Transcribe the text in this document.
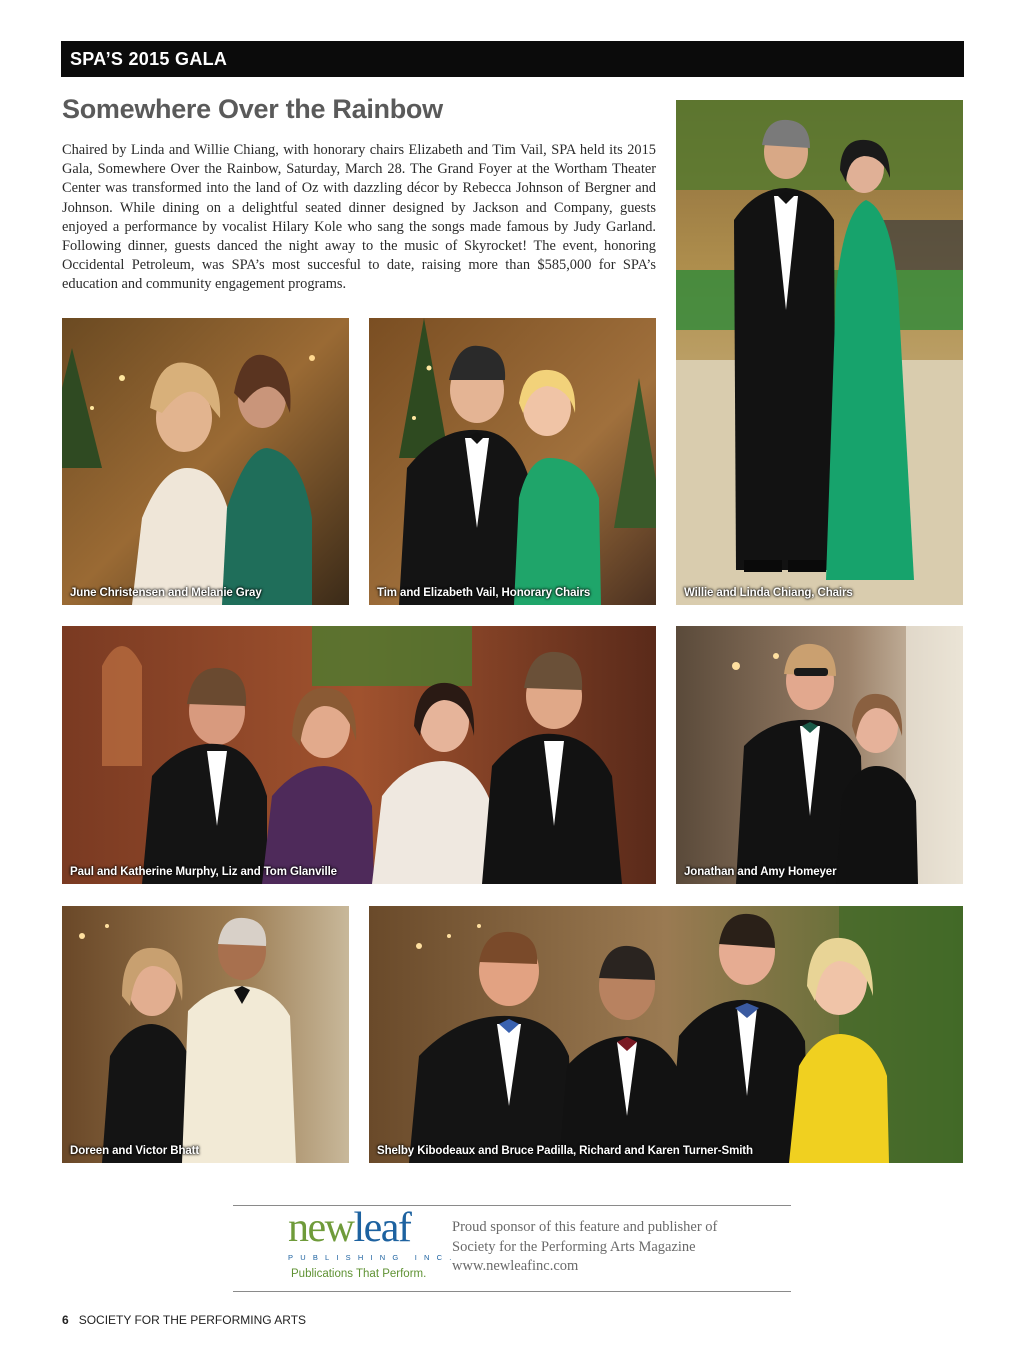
SPA’S 2015 GALA
Somewhere Over the Rainbow

Chaired by Linda and Willie Chiang, with honorary chairs Elizabeth and Tim Vail, SPA held its 2015 Gala, Somewhere Over the Rainbow, Saturday, March 28. The Grand Foyer at the Wortham Theater Center was transformed into the land of Oz with dazzling décor by Rebecca Johnson of Bergner and Johnson. While dining on a delightful seated dinner designed by Jackson and Company, guests enjoyed a performance by vocalist Hilary Kole who sang the songs made famous by Judy Garland. Following dinner, guests danced the night away to the music of Skyrocket! The event, honoring Occidental Petroleum, was SPA’s most succesful to date, raising more than $585,000 for SPA’s education and community engagement programs.

June Christensen and Melanie Gray	Tim and Elizabeth Vail, Honorary Chairs	Willie and Linda Chiang, Chairs
Paul and Katherine Murphy, Liz and Tom Glanville	Jonathan and Amy Homeyer
Doreen and Victor Bhatt	Shelby Kibodeaux and Bruce Padilla, Richard and Karen Turner-Smith
newleaf
PUBLISHING INC.
Publications That Perform.
Proud sponsor of this feature and publisher of
Society for the Performing Arts Magazine
www.newleafinc.com
6 SOCIETY FOR THE PERFORMING ARTS
